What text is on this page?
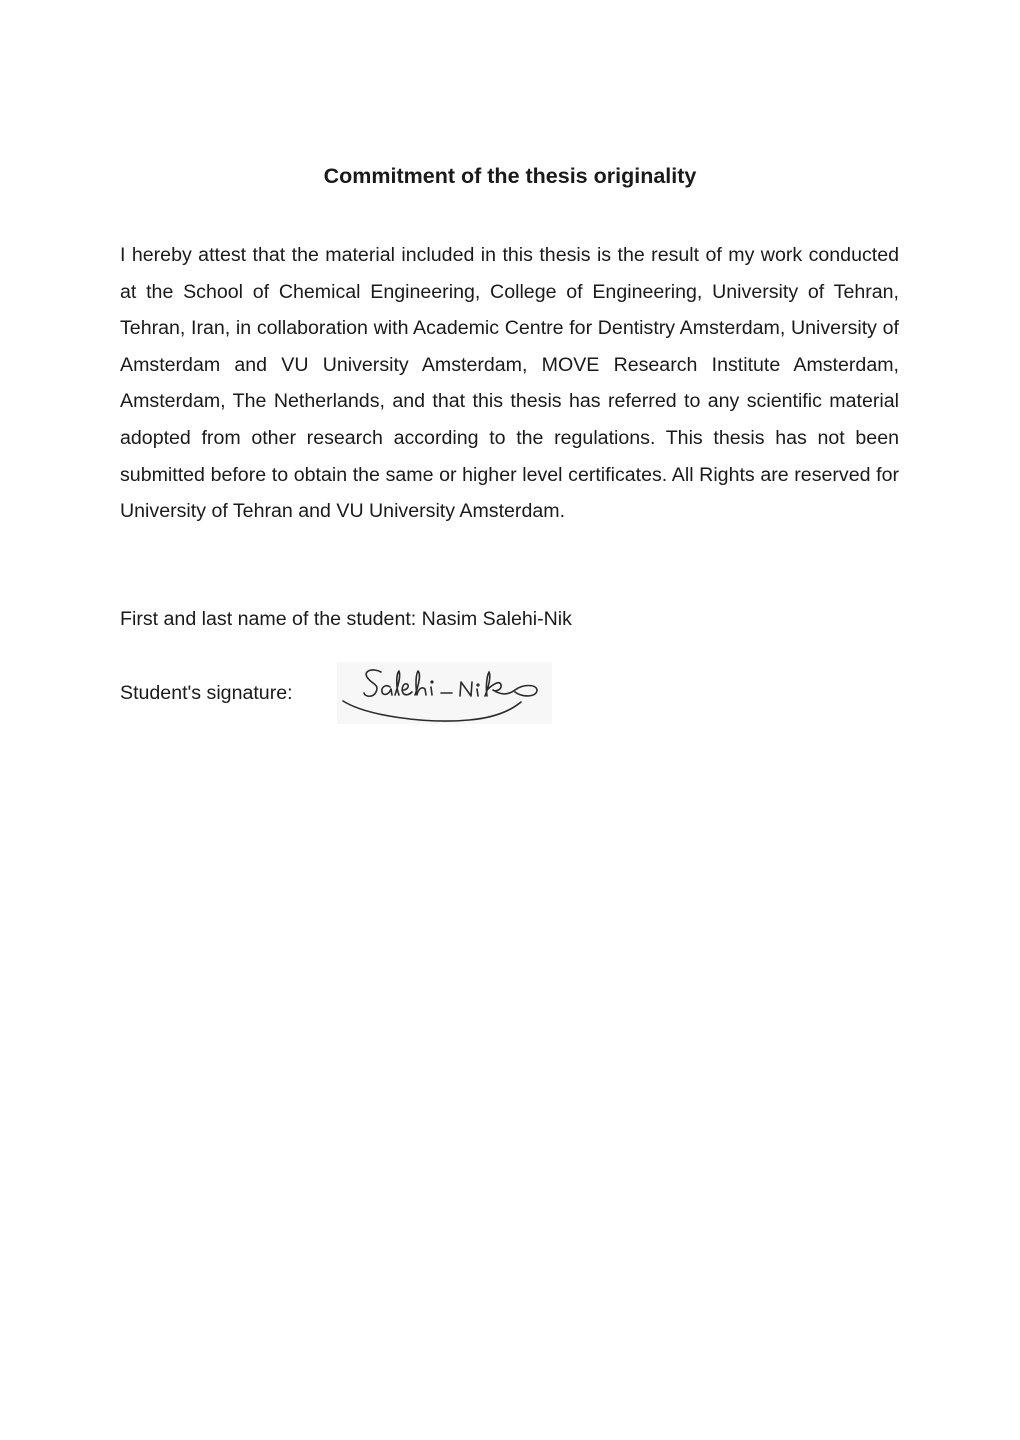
Commitment of the thesis originality

I hereby attest that the material included in this thesis is the result of my work conducted at the School of Chemical Engineering, College of Engineering, University of Tehran, Tehran, Iran, in collaboration with Academic Centre for Dentistry Amsterdam, University of Amsterdam and VU University Amsterdam, MOVE Research Institute Amsterdam, Amsterdam, The Netherlands, and that this thesis has referred to any scientific material adopted from other research according to the regulations. This thesis has not been submitted before to obtain the same or higher level certificates. All Rights are reserved for University of Tehran and VU University Amsterdam.

First and last name of the student: Nasim Salehi-Nik

Student's signature:
